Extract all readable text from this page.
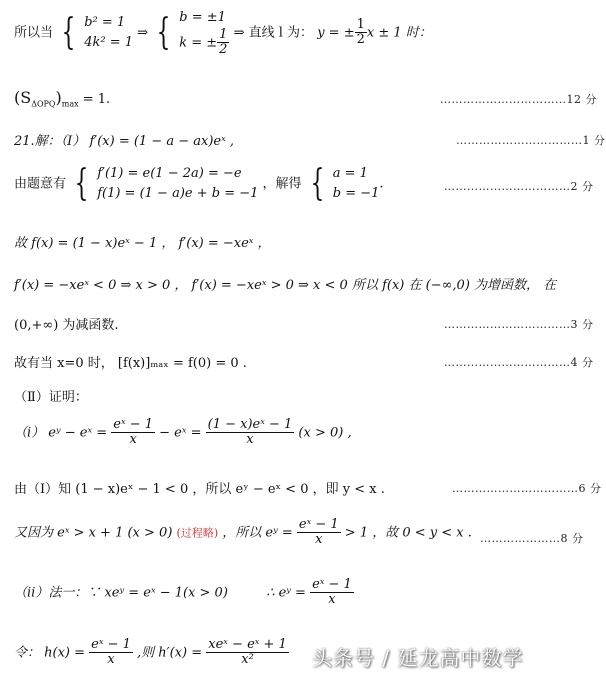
所以当 { b² = 1
4k² = 1 ⇒ { b = ±1
k = ± $\frac{1}{2}$ ⇒ 直线 l 为： y = ± $\frac{1}{2}$ x ± 1 时：
$(S_{\Delta OPQ})_{max} = 1$.	……………………………12 分
21.解：（Ⅰ） f′(x) = (1 − a − ax)eˣ ,	……………………………1 分
由题意有 { f′(1) = e(1 − 2a) = −e
f(1) = (1 − a)e + b = −1 ，解得 { a = 1
b = −1.	……………………………2 分
故 f(x) = (1 − x)eˣ − 1 ， f′(x) = −xeˣ ，
f′(x) = −xeˣ < 0 ⇒ x > 0 ， f′(x) = −xeˣ > 0 ⇒ x < 0 所以 f(x) 在 (−∞,0) 为增函数， 在
(0,+∞) 为减函数.	……………………………3 分
故有当 x=0 时， [f(x)]ₘₐₓ = f(0) = 0 .	……………………………4 分
（Ⅱ）证明：
（ⅰ） eʸ − eˣ = $\frac{\text{eˣ − 1}}{x}$ − eˣ = $\frac{\text{(1 − x)eˣ − 1}}{x} (x > 0)$ ,
由（Ⅰ）知 (1 − x)eˣ − 1 < 0 ，所以 eʸ − eˣ < 0 ，即 y < x .	……………………………6 分
又因为 eˣ > x + 1 (x > 0) (过程略) ，所以 eʸ = $\frac{\text{eˣ − 1}}{x} > 1$ ，故 0 < y < x . …………………8 分
（ⅱ）法一：∵ xeʸ = eˣ − 1(x > 0)	∴ eʸ = $\frac{\text{eˣ − 1}}{x}$
令： $h(x) = \frac{\text{eˣ − 1}}{x}$ ,则 $h'(x) = \frac{\text{xeˣ − eˣ + 1}}{\text{x²}}$ 头条号 / 延龙高中数学
